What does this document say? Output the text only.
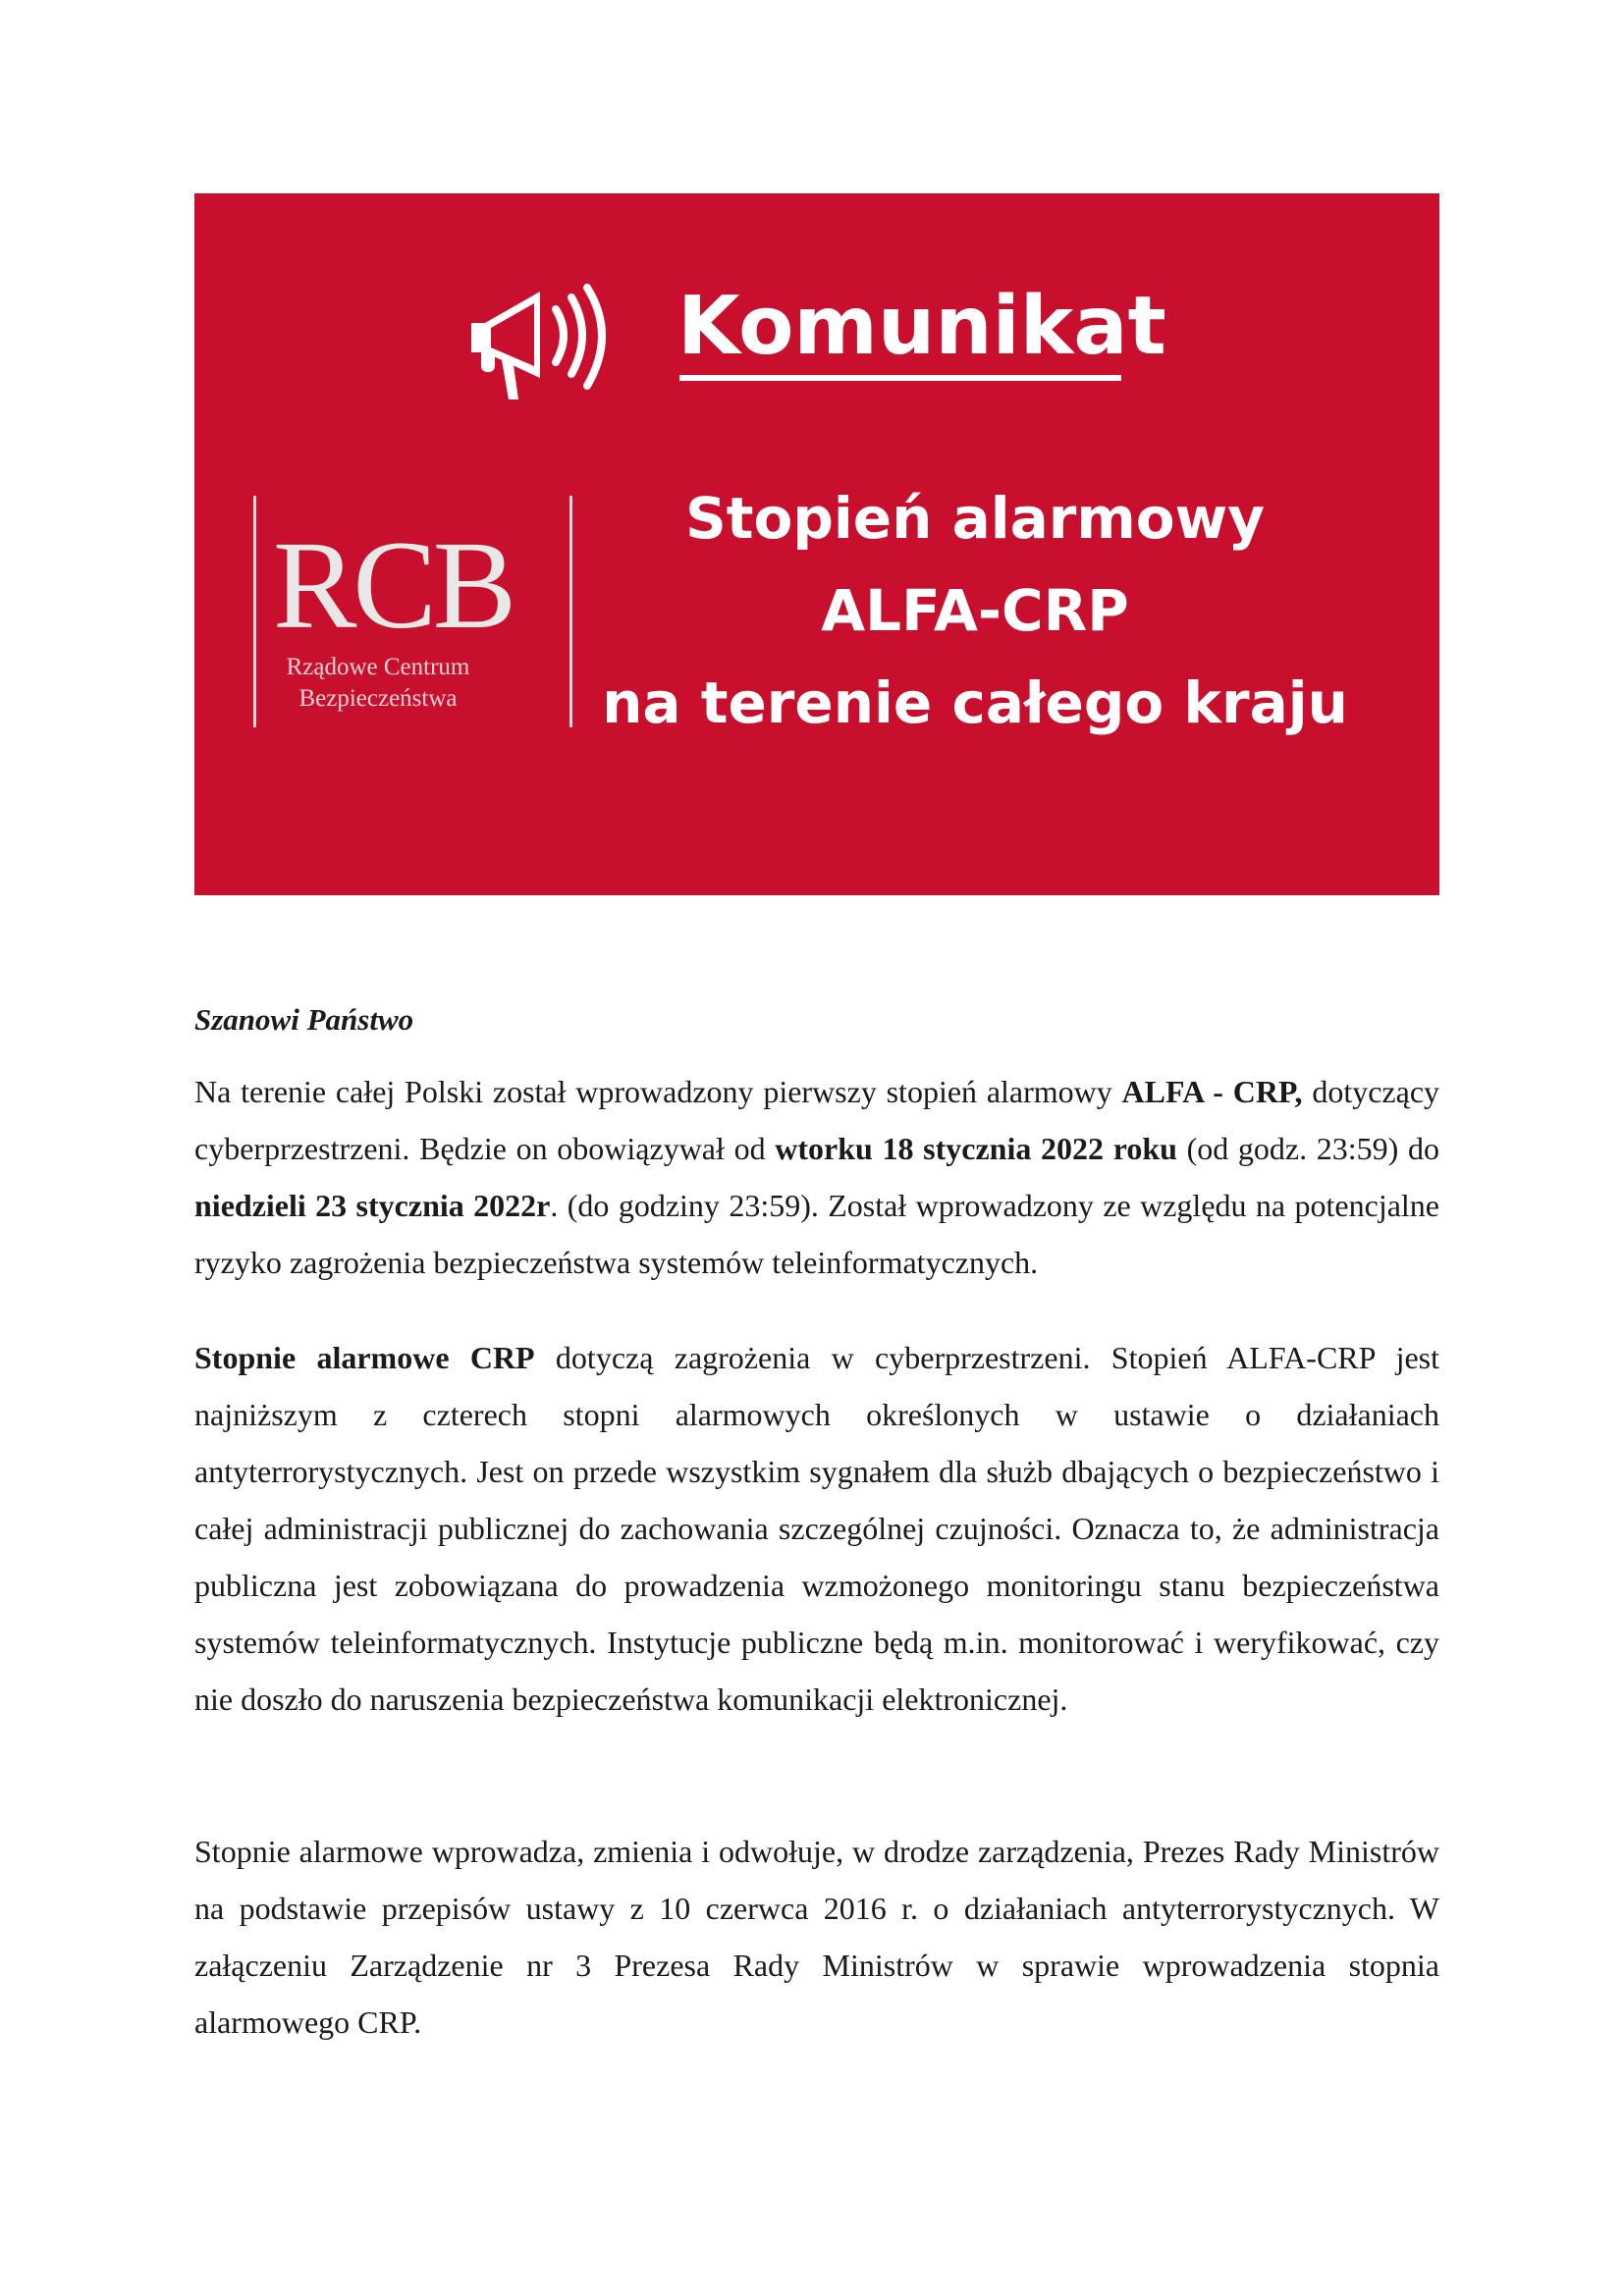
Komunikat
RCB
Rządowe Centrum
Bezpieczeństwa
Stopień alarmowy
ALFA-CRP
na terenie całego kraju
Szanowi Państwo
Na terenie całej Polski został wprowadzony pierwszy stopień alarmowy ALFA - CRP, dotyczący cyberprzestrzeni. Będzie on obowiązywał od wtorku 18 stycznia 2022 roku (od godz. 23:59) do niedzieli 23 stycznia 2022r. (do godziny 23:59). Został wprowadzony ze względu na potencjalne ryzyko zagrożenia bezpieczeństwa systemów teleinformatycznych.
Stopnie alarmowe CRP dotyczą zagrożenia w cyberprzestrzeni. Stopień ALFA-CRP jest najniższym z czterech stopni alarmowych określonych w ustawie o działaniach antyterrorystycznych. Jest on przede wszystkim sygnałem dla służb dbających o bezpieczeństwo i całej administracji publicznej do zachowania szczególnej czujności. Oznacza to, że administracja publiczna jest zobowiązana do prowadzenia wzmożonego monitoringu stanu bezpieczeństwa systemów teleinformatycznych. Instytucje publiczne będą m.in. monitorować i weryfikować, czy nie doszło do naruszenia bezpieczeństwa komunikacji elektronicznej.
Stopnie alarmowe wprowadza, zmienia i odwołuje, w drodze zarządzenia, Prezes Rady Ministrów na podstawie przepisów ustawy z 10 czerwca 2016 r. o działaniach antyterrorystycznych. W załączeniu Zarządzenie nr 3 Prezesa Rady Ministrów w sprawie wprowadzenia stopnia alarmowego CRP.
